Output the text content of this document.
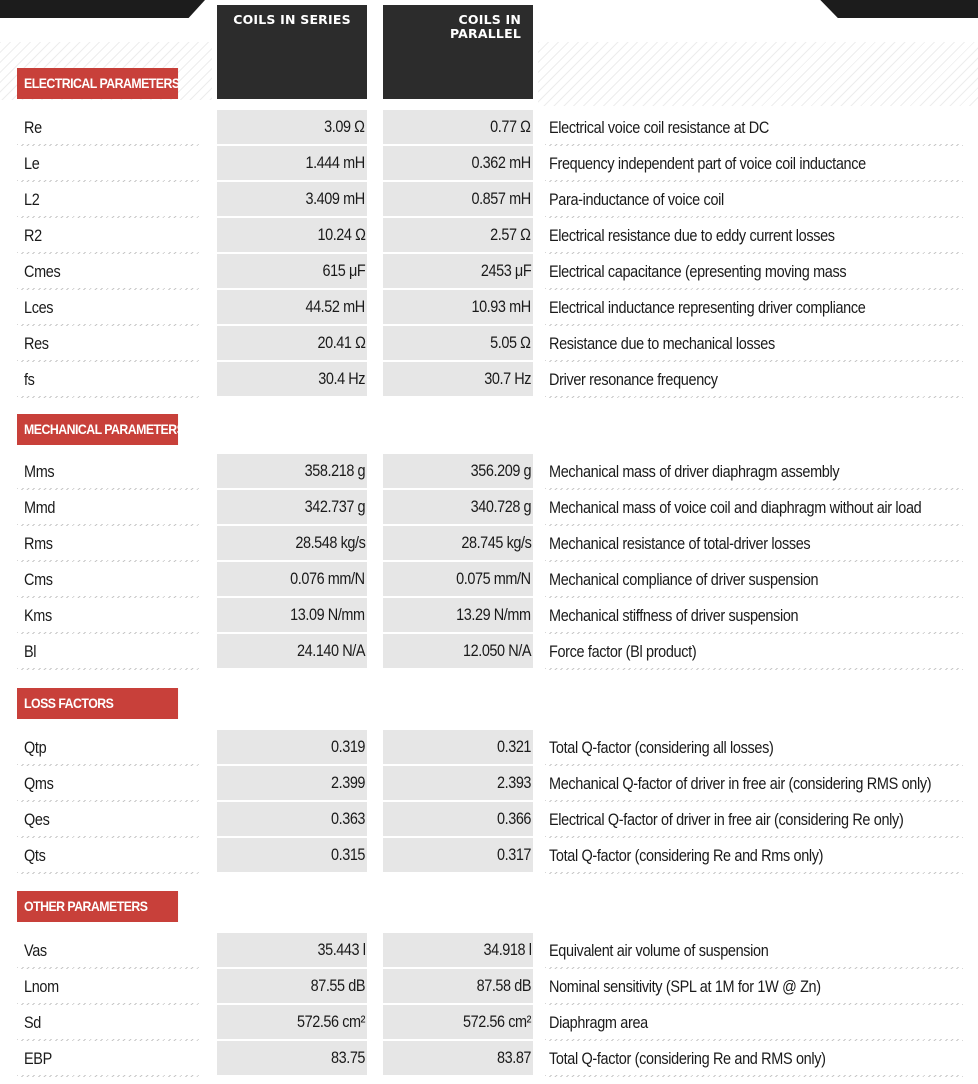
COILS IN SERIES	COILS IN
PARALLEL
ELECTRICAL PARAMETERS
Re	3.09 Ω	0.77 Ω Electrical voice coil resistance at DC
Le	1.444 mH	0.362 mH Frequency independent part of voice coil inductance
L2	3.409 mH	0.857 mH Para-inductance of voice coil
R2	10.24 Ω	2.57 Ω Electrical resistance due to eddy current losses
Cmes	615 μF	2453 μF Electrical capacitance (epresenting moving mass
Lces	44.52 mH	10.93 mH Electrical inductance representing driver compliance
Res	20.41 Ω	5.05 Ω Resistance due to mechanical losses
fs	30.4 Hz	30.7 Hz Driver resonance frequency
MECHANICAL PARAMETERS
Mms	358.218 g	356.209 g Mechanical mass of driver diaphragm assembly
Mmd	342.737 g	340.728 g Mechanical mass of voice coil and diaphragm without air load
Rms	28.548 kg/s	28.745 kg/s Mechanical resistance of total-driver losses
Cms	0.076 mm/N	0.075 mm/N Mechanical compliance of driver suspension
Kms	13.09 N/mm	13.29 N/mm Mechanical stiffness of driver suspension
Bl	24.140 N/A	12.050 N/A Force factor (Bl product)
LOSS FACTORS
Qtp	0.319	0.321 Total Q-factor (considering all losses)
Qms	2.399	2.393 Mechanical Q-factor of driver in free air (considering RMS only)
Qes	0.363	0.366 Electrical Q-factor of driver in free air (considering Re only)
Qts	0.315	0.317 Total Q-factor (considering Re and Rms only)
OTHER PARAMETERS
Vas	35.443 l	34.918 l Equivalent air volume of suspension
Lnom	87.55 dB	87.58 dB Nominal sensitivity (SPL at 1M for 1W @ Zn)
Sd	572.56 cm²	572.56 cm² Diaphragm area
EBP	83.75	83.87 Total Q-factor (considering Re and RMS only)
